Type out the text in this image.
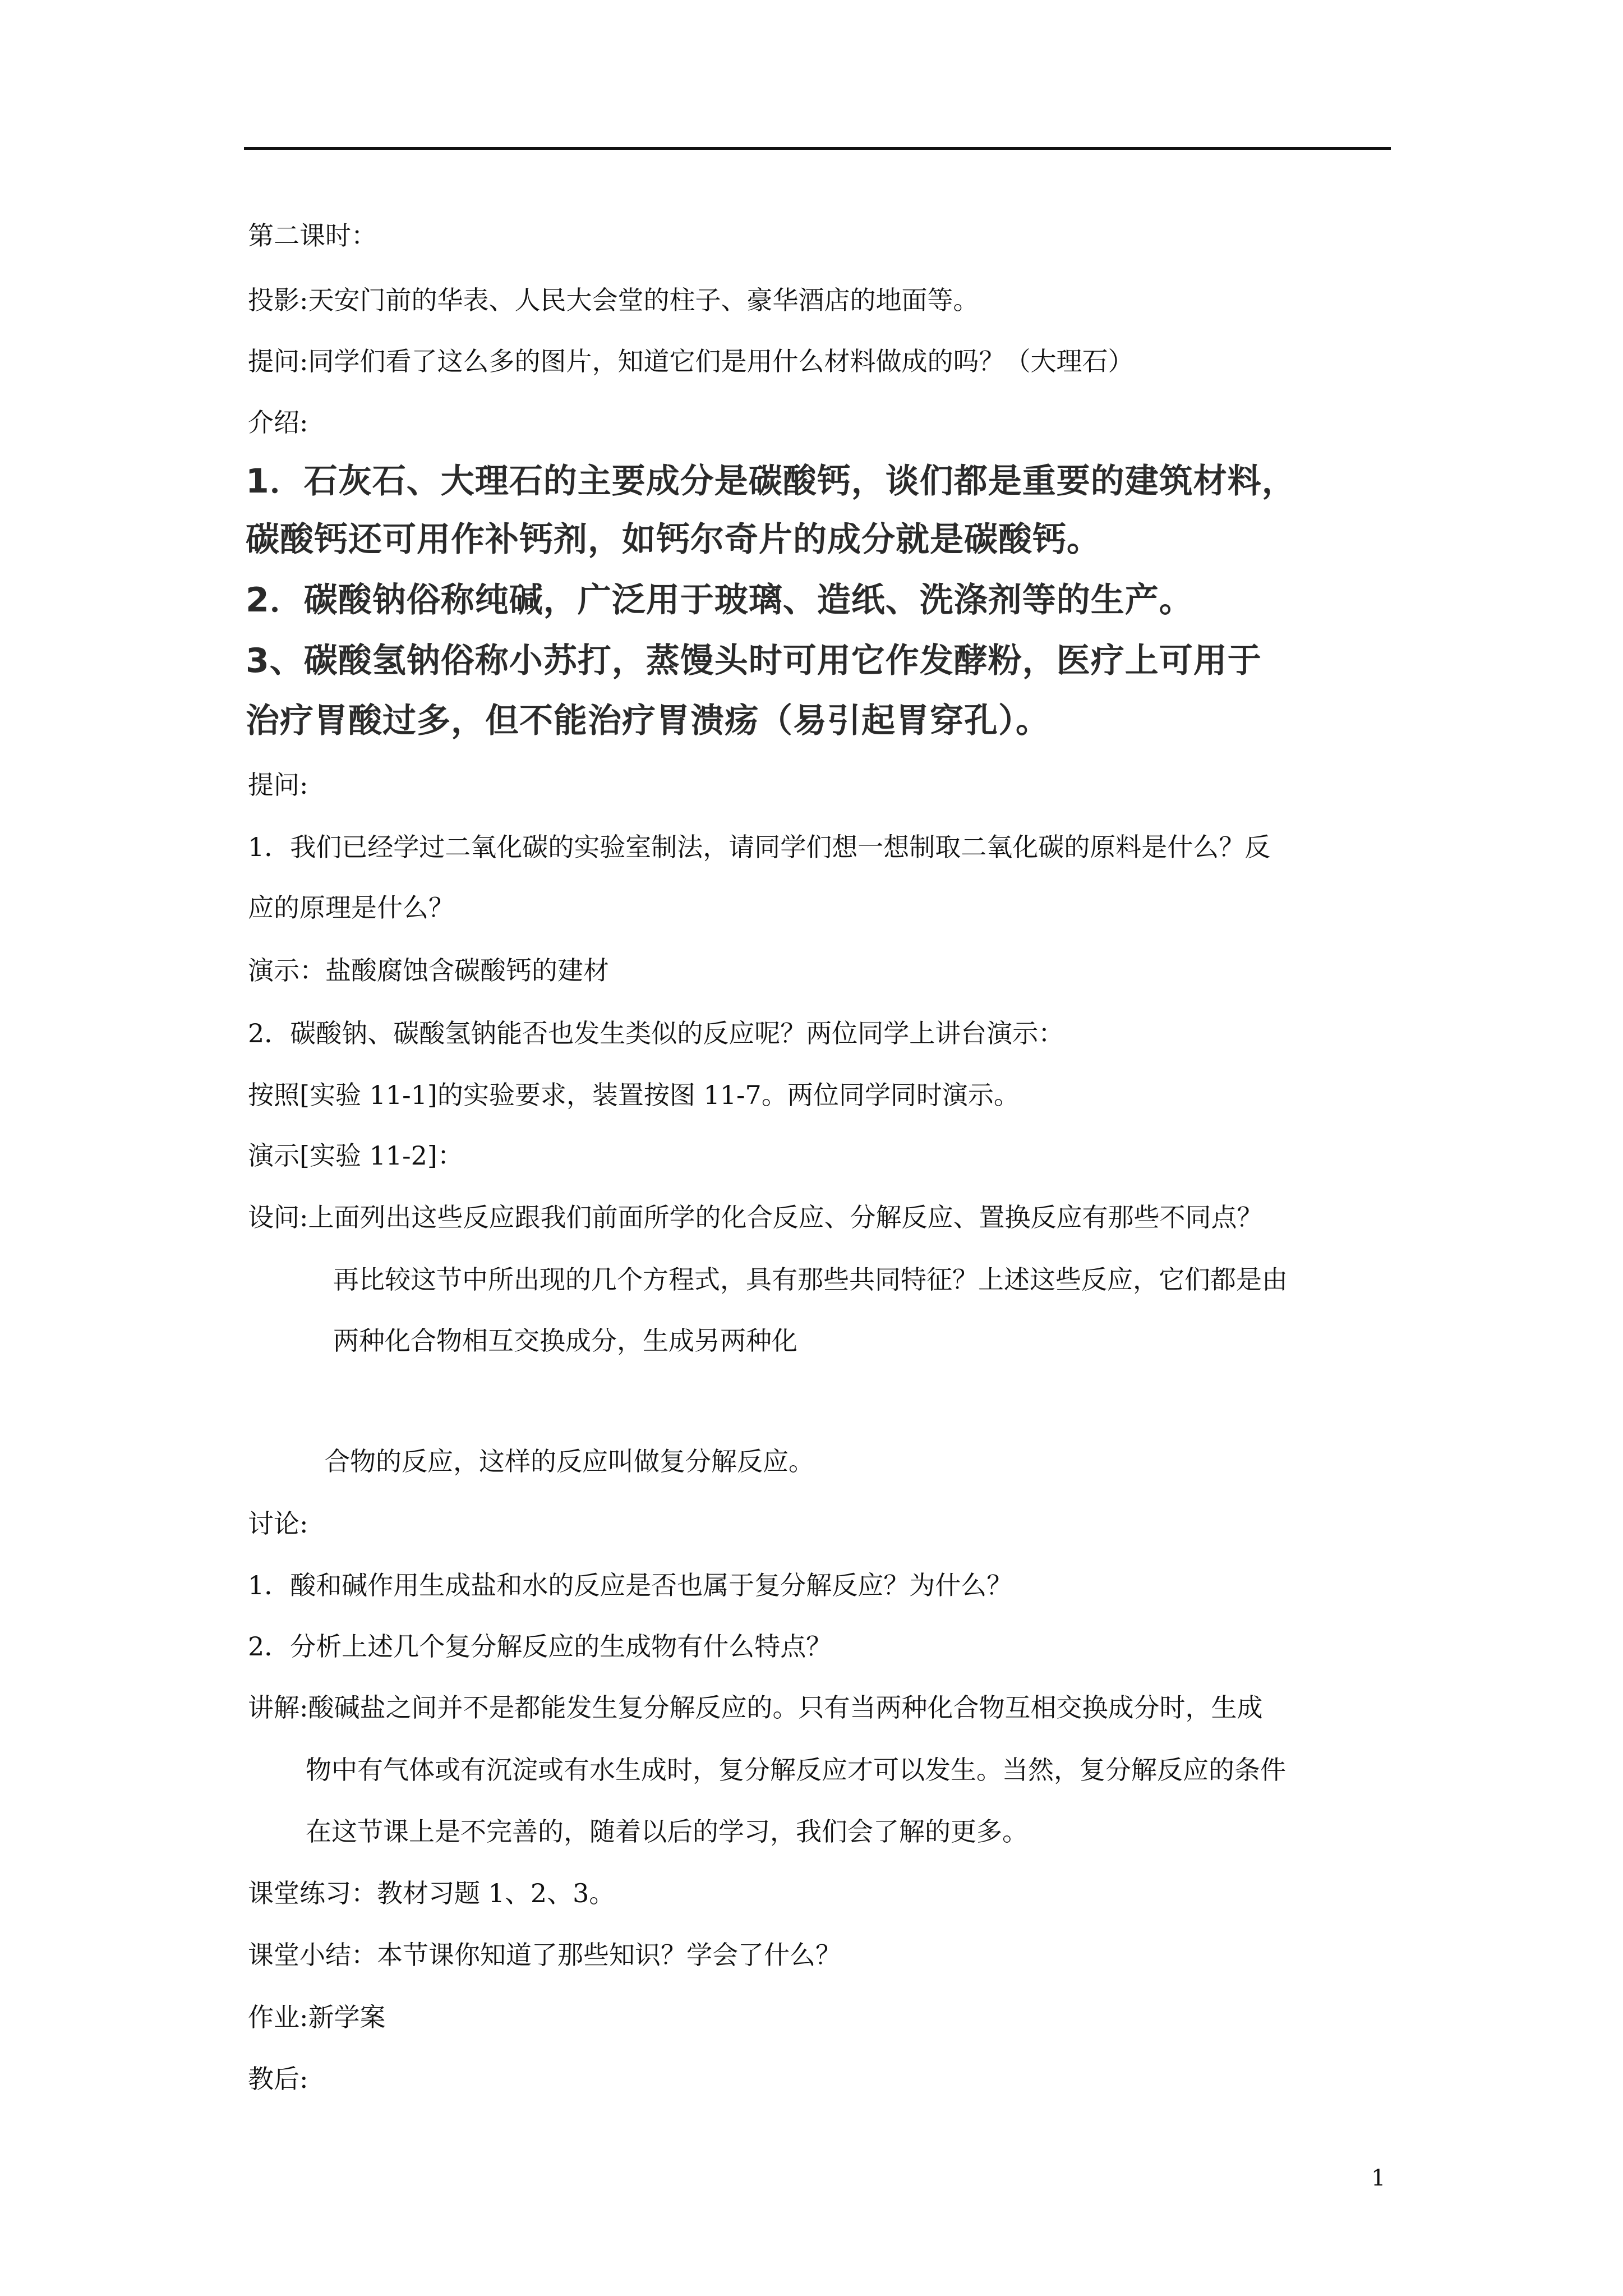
第二课时：
投影:天安门前的华表、人民大会堂的柱子、豪华酒店的地面等。
提问:同学们看了这么多的图片，知道它们是用什么材料做成的吗？（大理石）
介绍:
1．石灰石、大理石的主要成分是碳酸钙，谈们都是重要的建筑材料，
碳酸钙还可用作补钙剂，如钙尔奇片的成分就是碳酸钙。
2．碳酸钠俗称纯碱，广泛用于玻璃、造纸、洗涤剂等的生产。
3、碳酸氢钠俗称小苏打，蒸馒头时可用它作发酵粉，医疗上可用于
治疗胃酸过多，但不能治疗胃溃疡（易引起胃穿孔）。
提问:
1．我们已经学过二氧化碳的实验室制法，请同学们想一想制取二氧化碳的原料是什么？反
应的原理是什么？
演示：盐酸腐蚀含碳酸钙的建材
2．碳酸钠、碳酸氢钠能否也发生类似的反应呢？两位同学上讲台演示：
按照[实验 11-1]的实验要求，装置按图 11-7。两位同学同时演示。
演示[实验 11-2]：
设问:上面列出这些反应跟我们前面所学的化合反应、分解反应、置换反应有那些不同点？
再比较这节中所出现的几个方程式，具有那些共同特征？上述这些反应，它们都是由
两种化合物相互交换成分，生成另两种化
合物的反应，这样的反应叫做复分解反应。
讨论:
1．酸和碱作用生成盐和水的反应是否也属于复分解反应？为什么？
2．分析上述几个复分解反应的生成物有什么特点？
讲解:酸碱盐之间并不是都能发生复分解反应的。只有当两种化合物互相交换成分时，生成
物中有气体或有沉淀或有水生成时，复分解反应才可以发生。当然，复分解反应的条件
在这节课上是不完善的，随着以后的学习，我们会了解的更多。
课堂练习：教材习题 1、2、3。
课堂小结：本节课你知道了那些知识？学会了什么？
作业:新学案
教后:
1
